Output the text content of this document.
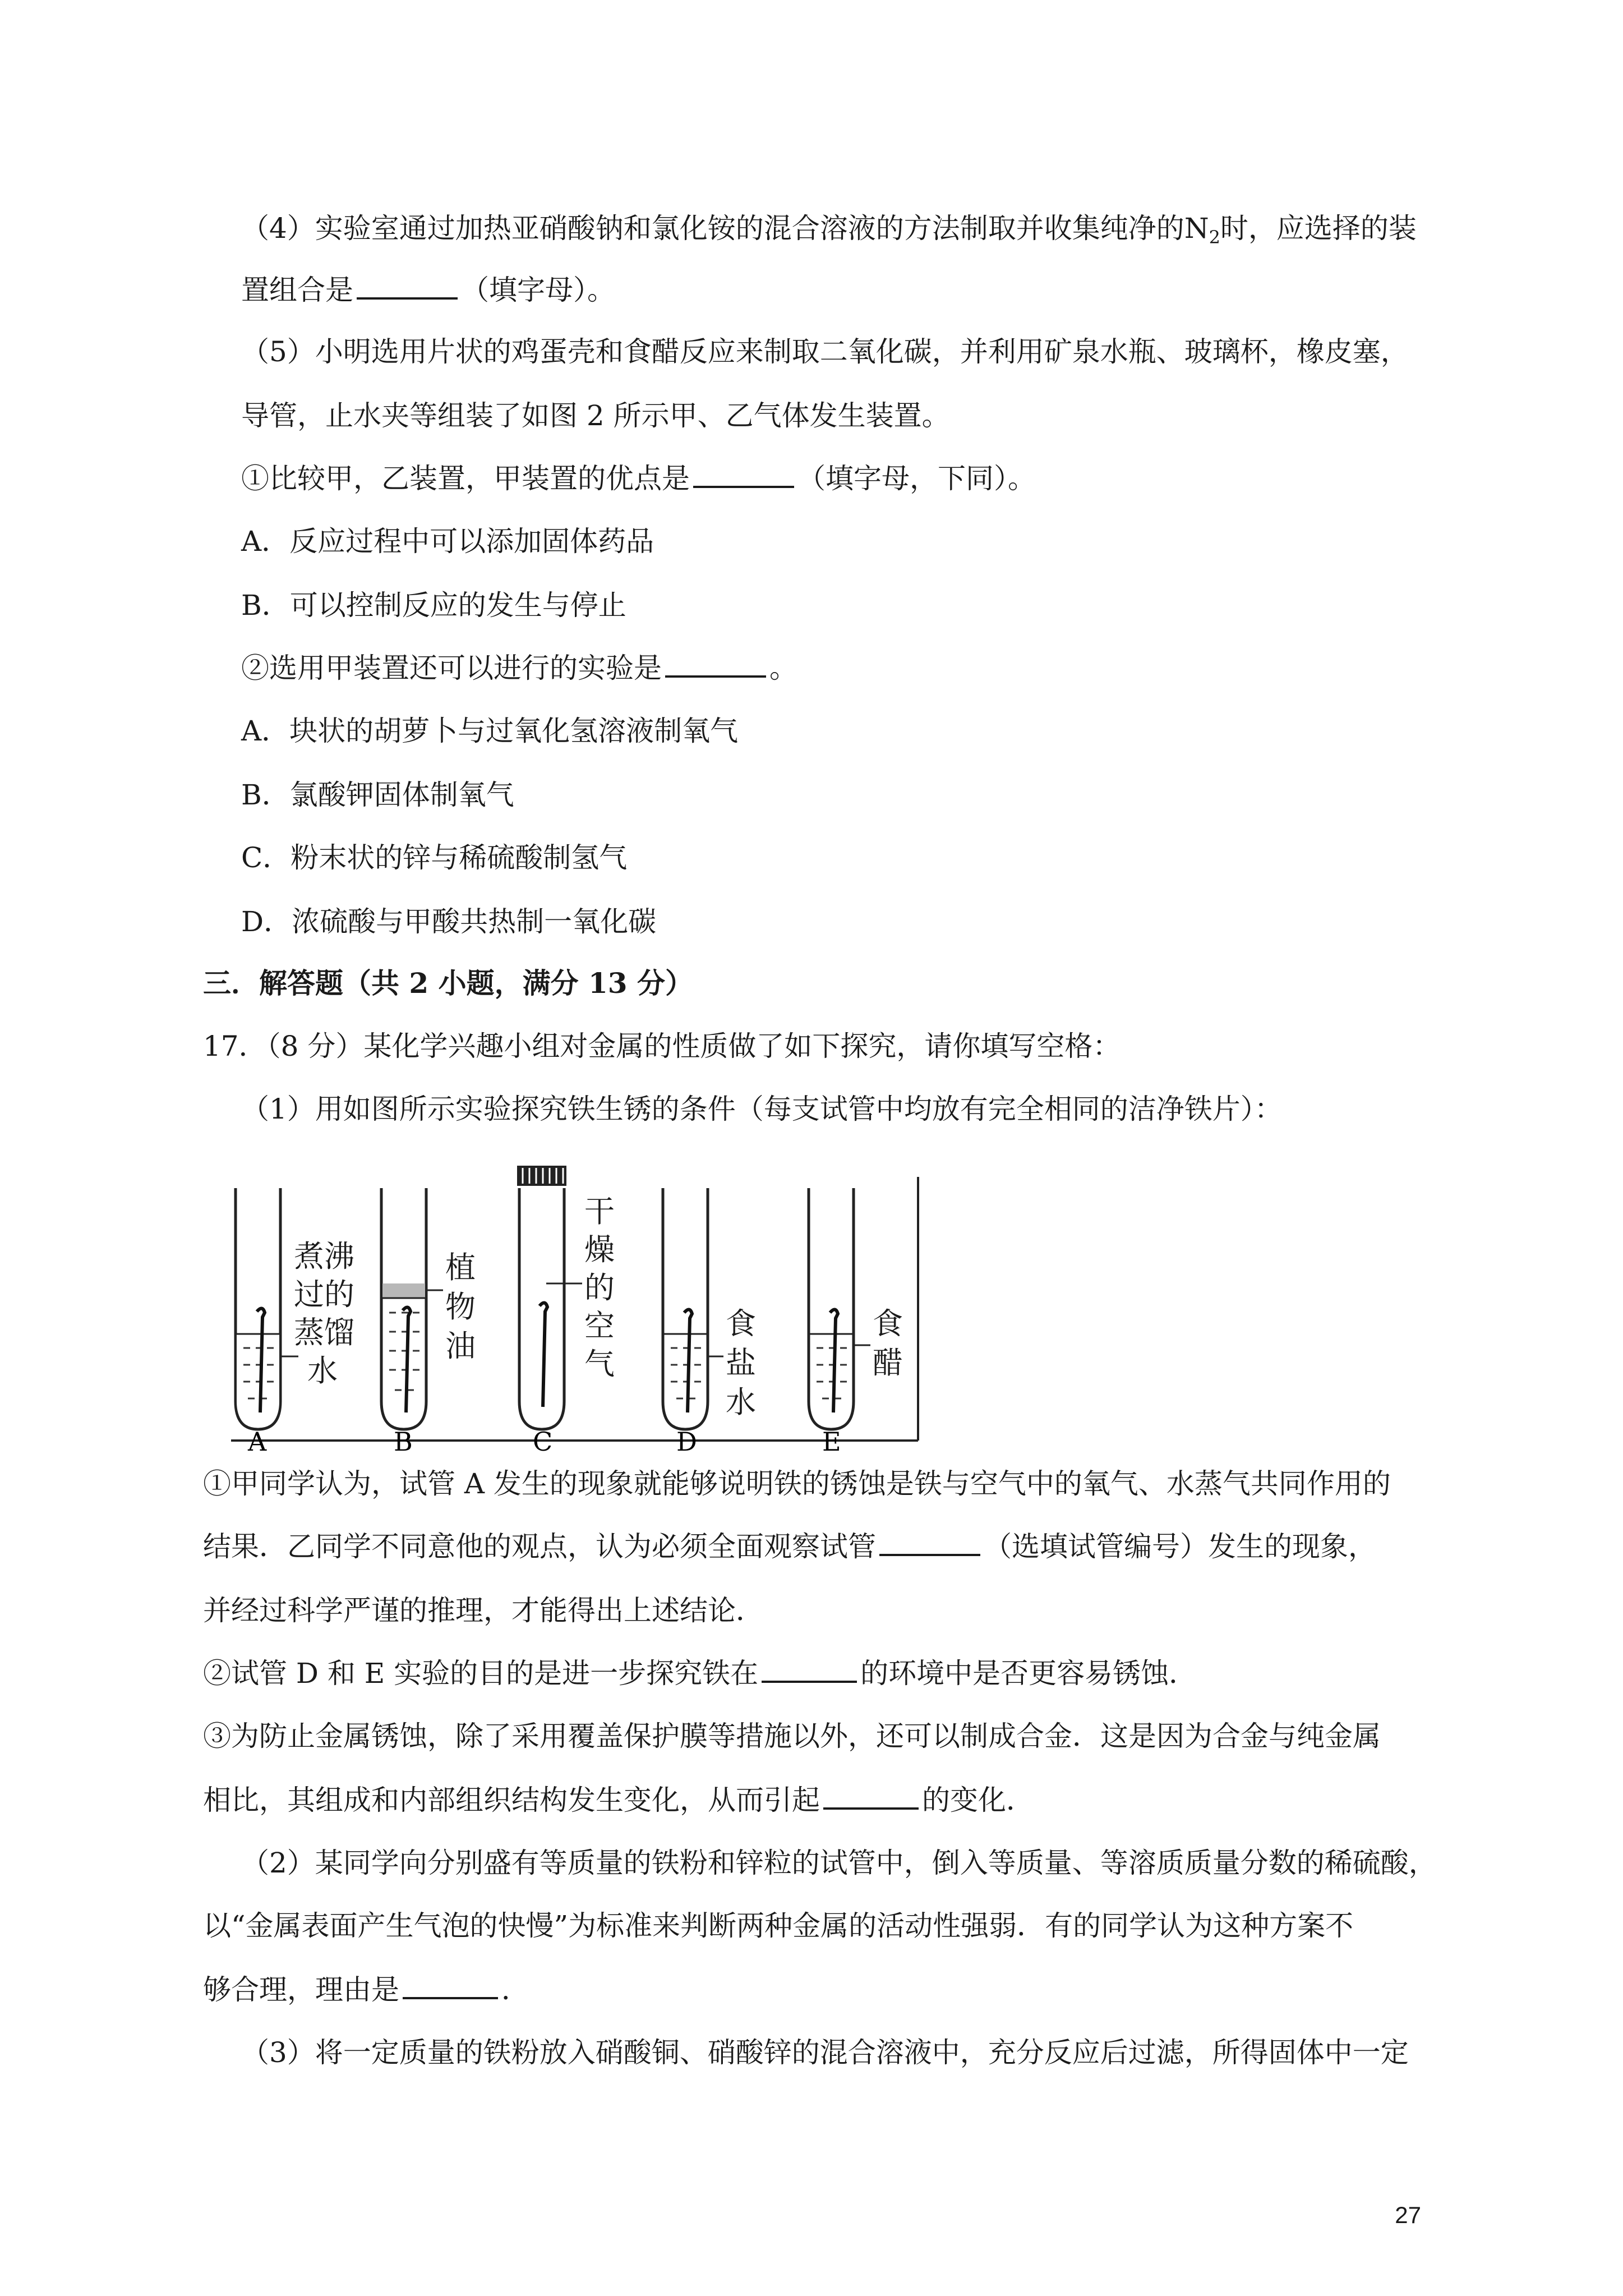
（4）实验室通过加热亚硝酸钠和氯化铵的混合溶液的方法制取并收集纯净的$N_2$时，应选择的装
置组合是	（填字母）。
（5）小明选用片状的鸡蛋壳和食醋反应来制取二氧化碳，并利用矿泉水瓶、玻璃杯，橡皮塞，
导管，止水夹等组装了如图 2 所示甲、乙气体发生装置。
①比较甲，乙装置，甲装置的优点是	（填字母，下同）。
A．反应过程中可以添加固体药品
B．可以控制反应的发生与停止
②选用甲装置还可以进行的实验是	。
A．块状的胡萝卜与过氧化氢溶液制氧气
B．氯酸钾固体制氧气
C．粉末状的锌与稀硫酸制氢气
D．浓硫酸与甲酸共热制一氧化碳
三．解答题（共 2 小题，满分 13 分）
17．（8 分）某化学兴趣小组对金属的性质做了如下探究，请你填写空格：
（1）用如图所示实验探究铁生锈的条件（每支试管中均放有完全相同的洁净铁片）：
煮沸
过的
蒸馏
水
A
植
物
油
B
干
燥
的
空
气
C
食
盐
水
D
食
醋
E
①甲同学认为，试管 A 发生的现象就能够说明铁的锈蚀是铁与空气中的氧气、水蒸气共同作用的
结果．乙同学不同意他的观点，认为必须全面观察试管	（选填试管编号）发生的现象，
并经过科学严谨的推理，才能得出上述结论．
②试管 D 和 E 实验的目的是进一步探究铁在	的环境中是否更容易锈蚀．
③为防止金属锈蚀，除了采用覆盖保护膜等措施以外，还可以制成合金．这是因为合金与纯金属
相比，其组成和内部组织结构发生变化，从而引起	的变化．
（2）某同学向分别盛有等质量的铁粉和锌粒的试管中，倒入等质量、等溶质质量分数的稀硫酸，
以“金属表面产生气泡的快慢”为标准来判断两种金属的活动性强弱．有的同学认为这种方案不
够合理，理由是	．
（3）将一定质量的铁粉放入硝酸铜、硝酸锌的混合溶液中，充分反应后过滤，所得固体中一定
27
